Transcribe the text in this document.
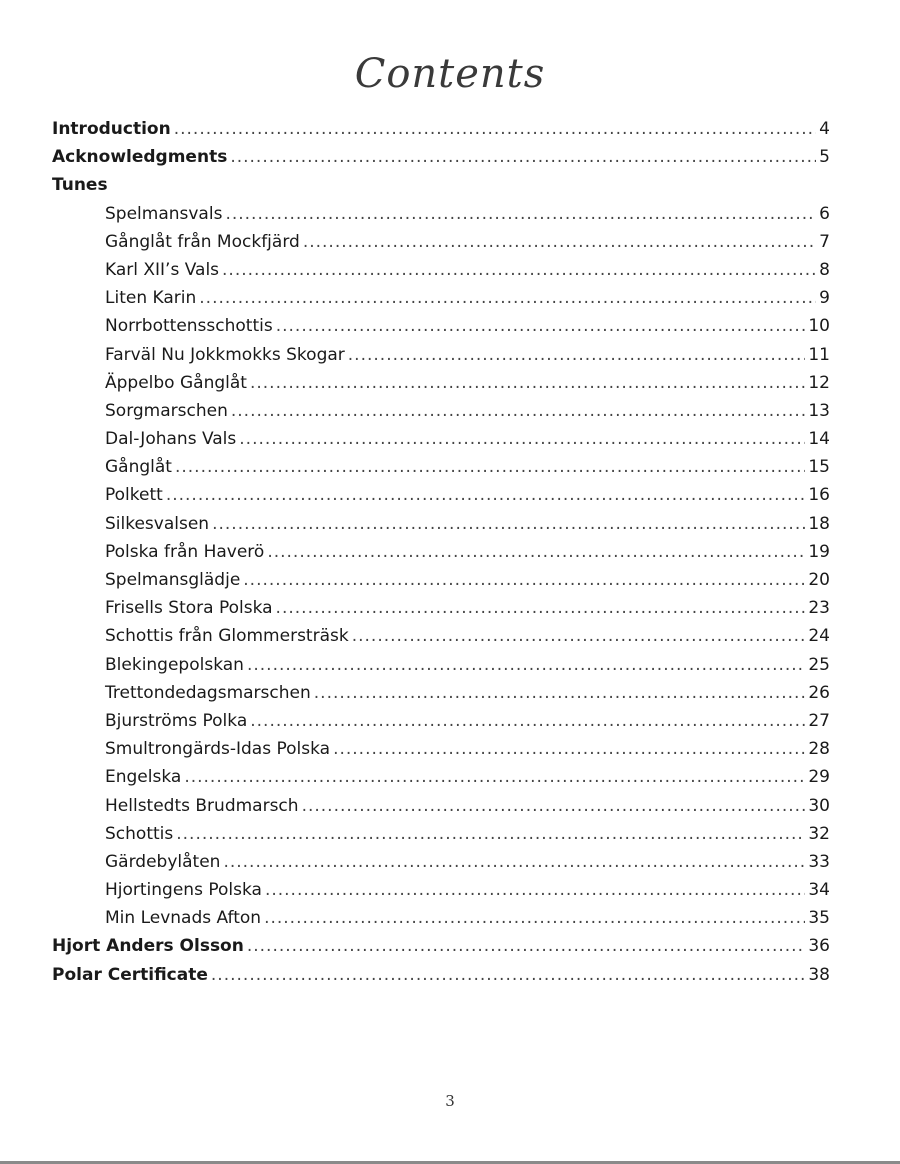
Contents
Introduction .....	4
Acknowledgments .....	5
Tunes
Spelmansvals .....	6
Gånglåt från Mockfjärd .....	7
Karl XII’s Vals .....	8
Liten Karin .....	9
Norrbottensschottis .....	10
Farväl Nu Jokkmokks Skogar .....	11
Äppelbo Gånglåt .....	12
Sorgmarschen .....	13
Dal-Johans Vals .....	14
Gånglåt .....	15
Polkett .....	16
Silkesvalsen .....	18
Polska från Haverö .....	19
Spelmansglädje .....	20
Frisells Stora Polska .....	23
Schottis från Glommersträsk .....	24
Blekingepolskan .....	25
Trettondedagsmarschen .....	26
Bjurströms Polka .....	27
Smultrongärds-Idas Polska .....	28
Engelska .....	29
Hellstedts Brudmarsch .....	30
Schottis .....	32
Gärdebylåten .....	33
Hjortingens Polska .....	34
Min Levnads Afton .....	35
Hjort Anders Olsson .....	36
Polar Certificate .....	38
3
